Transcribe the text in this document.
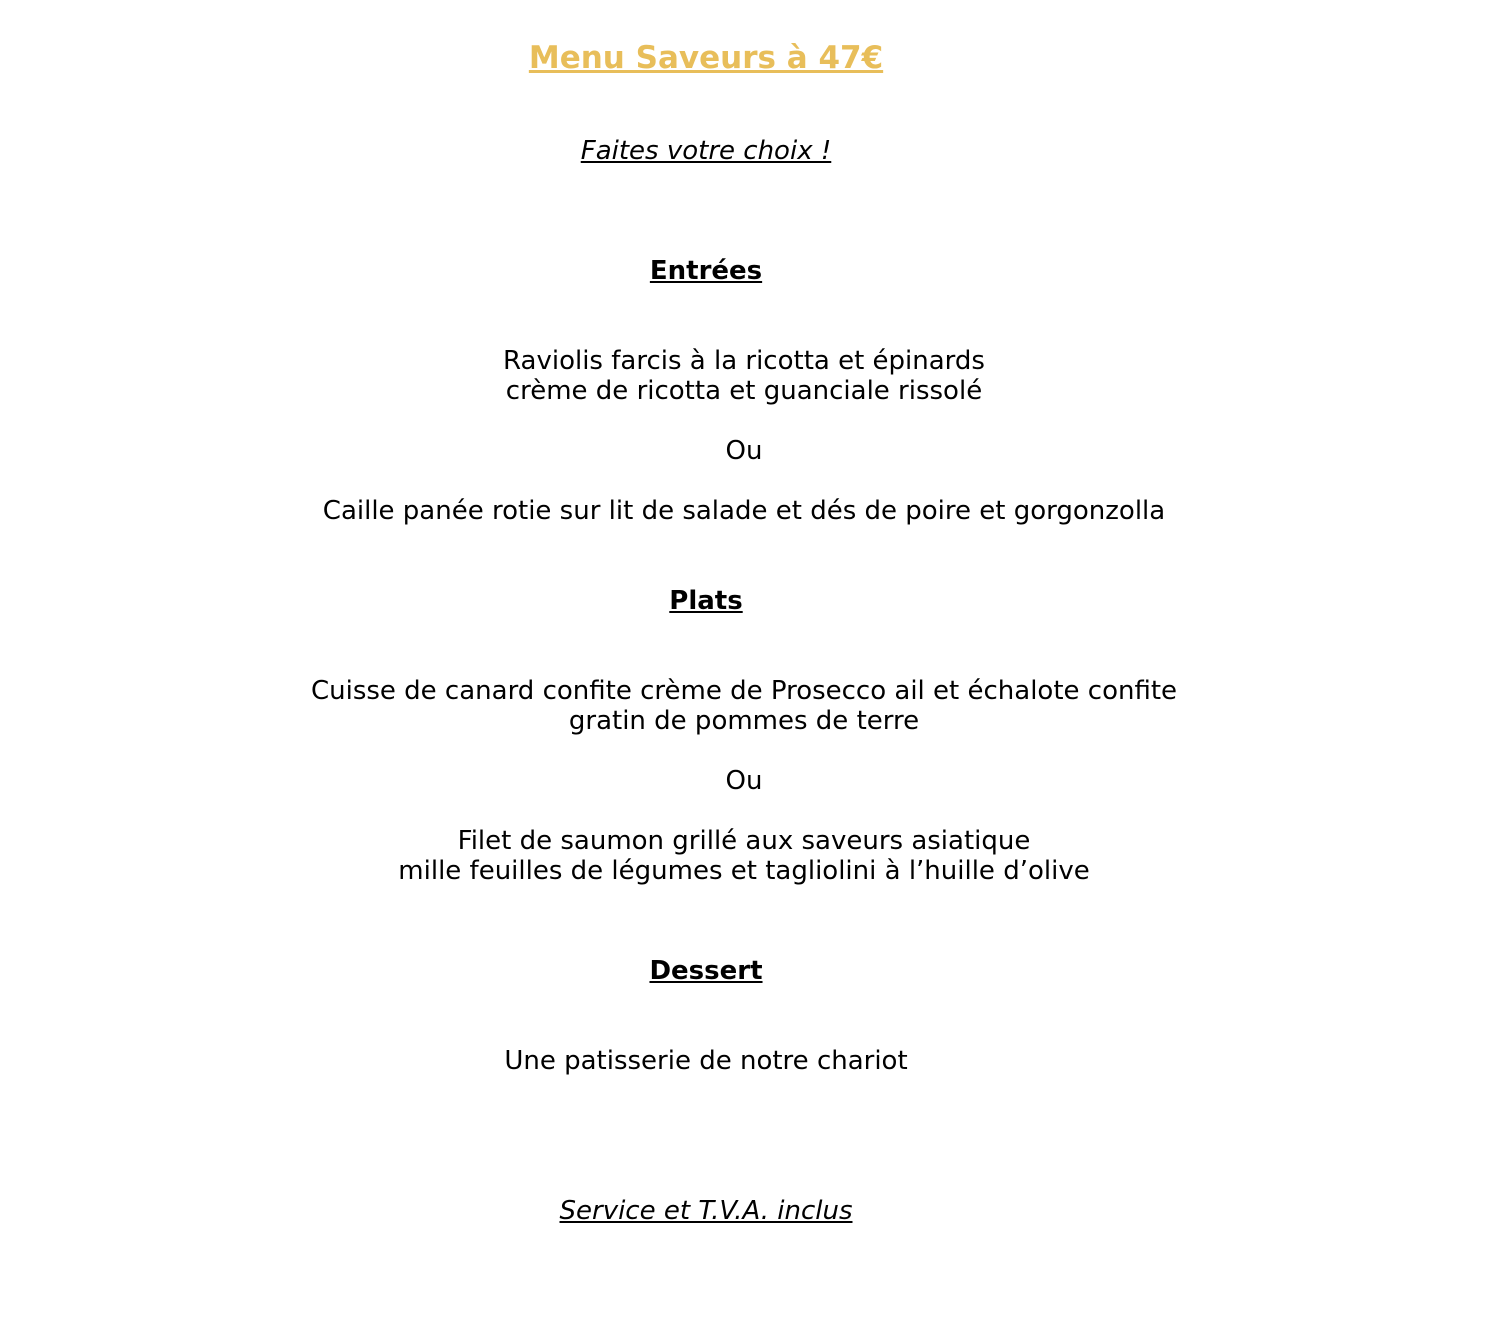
Menu Saveurs à 47€
Faites votre choix !
Entrées
Raviolis farcis à la ricotta et épinards
crème de ricotta et guanciale rissolé
Ou
Caille panée rotie sur lit de salade et dés de poire et gorgonzolla
Plats
Cuisse de canard confite crème de Prosecco ail et échalote confite
gratin de pommes de terre
Ou
Filet de saumon grillé aux saveurs asiatique
mille feuilles de légumes et tagliolini à l’huille d’olive
Dessert
Une patisserie de notre chariot
Service et T.V.A. inclus
